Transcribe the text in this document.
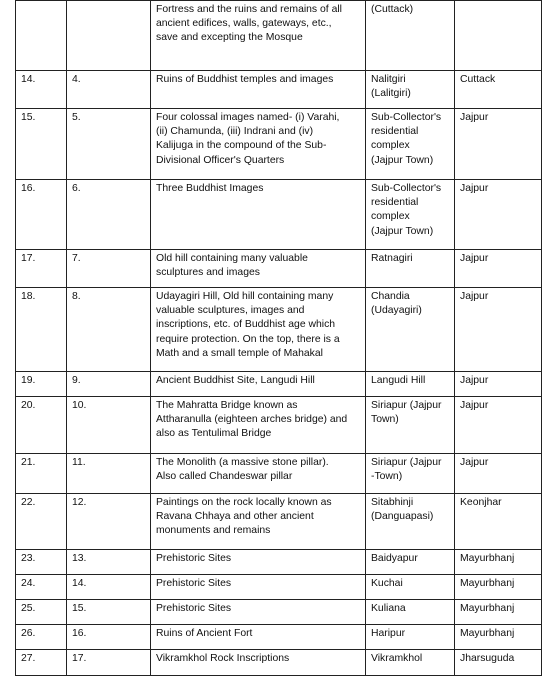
		Fortress and the ruins and remains of all
ancient edifices, walls, gateways, etc.,
save and excepting the Mosque	(Cuttack)	
14.	4.	Ruins of Buddhist temples and images	Nalitgiri
(Lalitgiri)	Cuttack
15.	5.	Four colossal images named- (i) Varahi,
(ii) Chamunda, (iii) Indrani and (iv)
Kalijuga in the compound of the Sub-
Divisional Officer's Quarters	Sub-Collector's
residential
complex
(Jajpur Town)	Jajpur
16.	6.	Three Buddhist Images	Sub-Collector's
residential
complex
(Jajpur Town)	Jajpur
17.	7.	Old hill containing many valuable
sculptures and images	Ratnagiri	Jajpur
18.	8.	Udayagiri Hill, Old hill containing many
valuable sculptures, images and
inscriptions, etc. of Buddhist age which
require protection. On the top, there is a
Math and a small temple of Mahakal	Chandia
(Udayagiri)	Jajpur
19.	9.	Ancient Buddhist Site, Langudi Hill	Langudi Hill	Jajpur
20.	10.	The Mahratta Bridge known as
Attharanulla (eighteen arches bridge) and
also as Tentulimal Bridge	Siriapur (Jajpur
Town)	Jajpur
21.	11.	The Monolith (a massive stone pillar).
Also called Chandeswar pillar	Siriapur (Jajpur
-Town)	Jajpur
22.	12.	Paintings on the rock locally known as
Ravana Chhaya and other ancient
monuments and remains	Sitabhinji
(Danguapasi)	Keonjhar
23.	13.	Prehistoric Sites	Baidyapur	Mayurbhanj
24.	14.	Prehistoric Sites	Kuchai	Mayurbhanj
25.	15.	Prehistoric Sites	Kuliana	Mayurbhanj
26.	16.	Ruins of Ancient Fort	Haripur	Mayurbhanj
27.	17.	Vikramkhol Rock Inscriptions	Vikramkhol	Jharsuguda
